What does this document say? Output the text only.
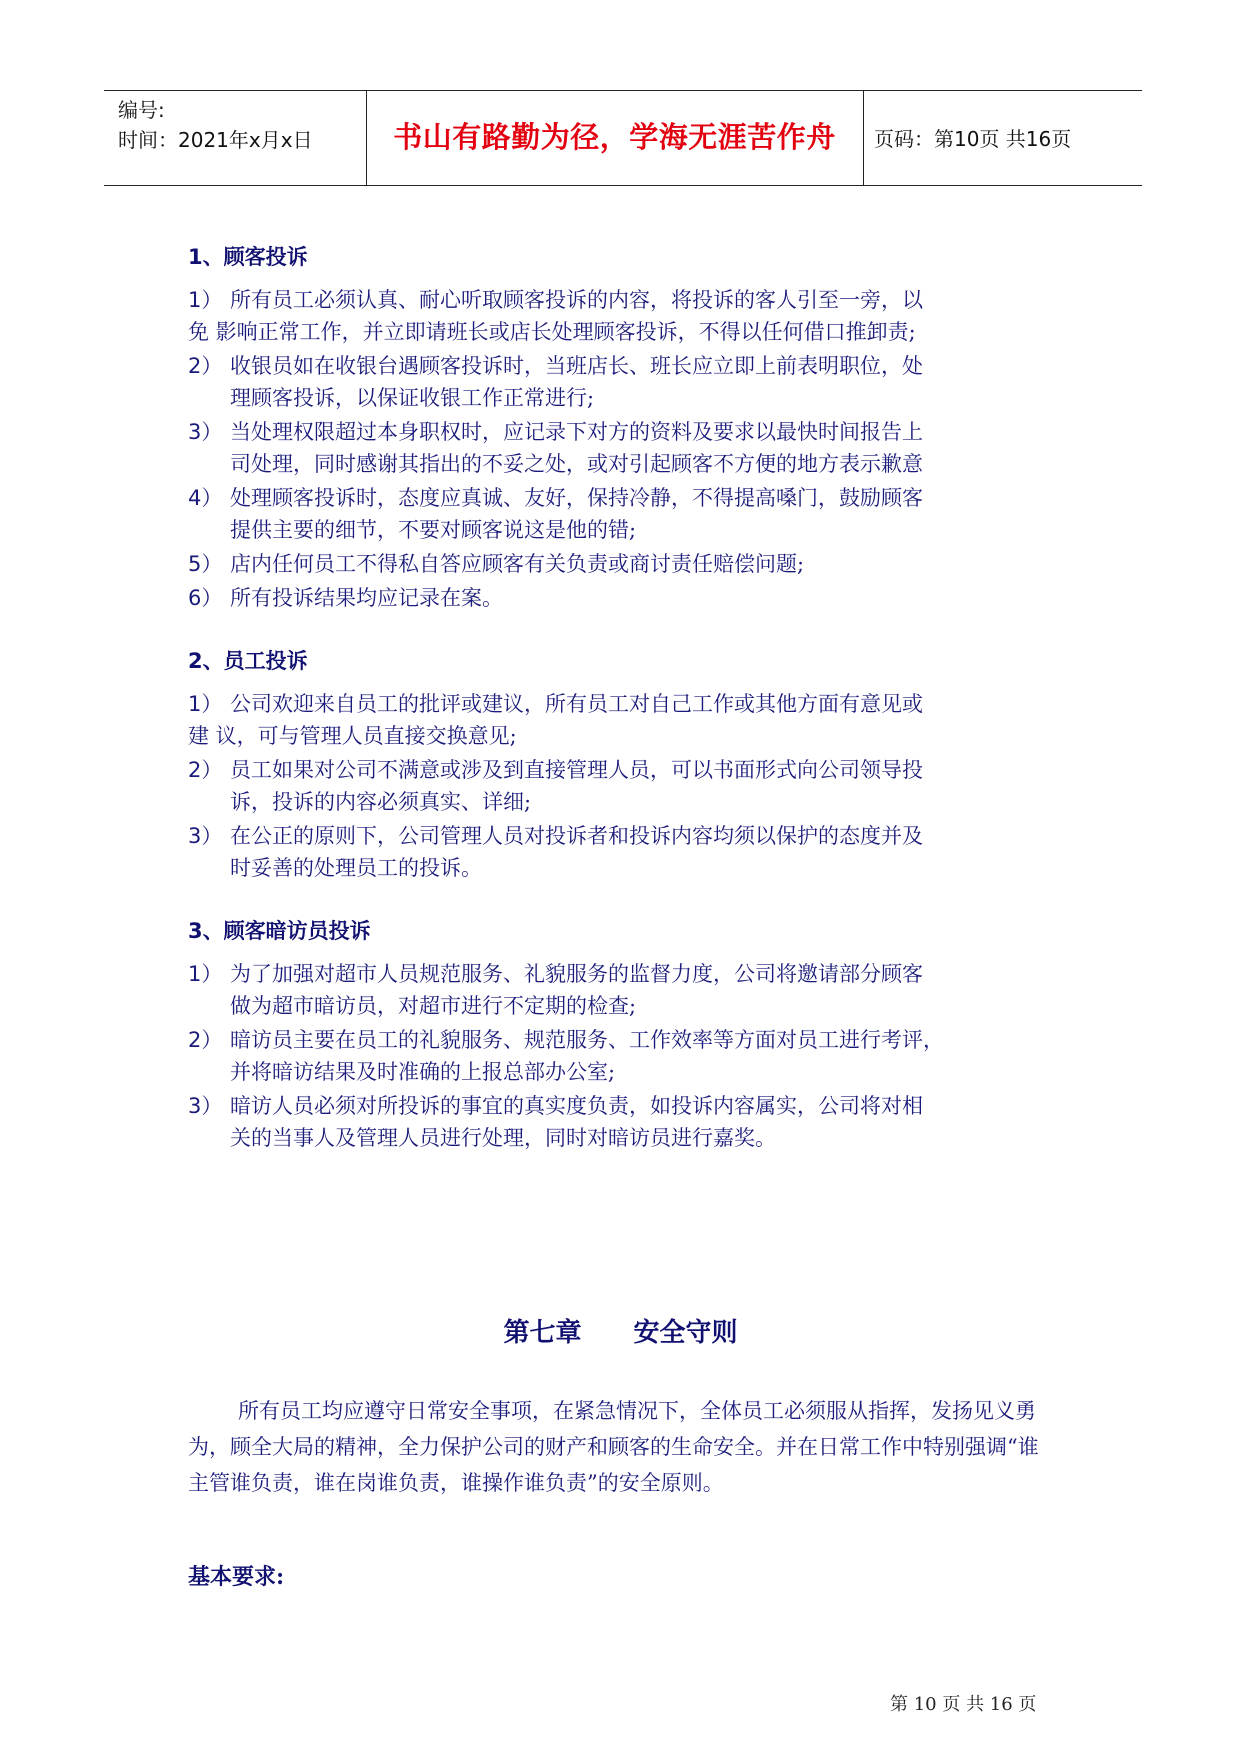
编号:
时间：2021年x月x日	书山有路勤为径，学海无涯苦作舟	页码：第10页 共16页
1、顾客投诉
1） 所有员工必须认真、耐心听取顾客投诉的内容，将投诉的客人引至一旁，以
免 影响正常工作，并立即请班长或店长处理顾客投诉，不得以任何借口推卸责;
2） 收银员如在收银台遇顾客投诉时，当班店长、班长应立即上前表明职位，处
理顾客投诉，以保证收银工作正常进行;
3） 当处理权限超过本身职权时，应记录下对方的资料及要求以最快时间报告上
司处理，同时感谢其指出的不妥之处，或对引起顾客不方便的地方表示歉意
4） 处理顾客投诉时，态度应真诚、友好，保持冷静，不得提高嗓门，鼓励顾客
提供主要的细节，不要对顾客说这是他的错;
5） 店内任何员工不得私自答应顾客有关负责或商讨责任赔偿问题;
6） 所有投诉结果均应记录在案。
2、员工投诉
1） 公司欢迎来自员工的批评或建议，所有员工对自己工作或其他方面有意见或
建 议，可与管理人员直接交换意见;
2） 员工如果对公司不满意或涉及到直接管理人员，可以书面形式向公司领导投
诉，投诉的内容必须真实、详细;
3） 在公正的原则下，公司管理人员对投诉者和投诉内容均须以保护的态度并及
时妥善的处理员工的投诉。
3、顾客暗访员投诉
1） 为了加强对超市人员规范服务、礼貌服务的监督力度，公司将邀请部分顾客
做为超市暗访员，对超市进行不定期的检查;
2） 暗访员主要在员工的礼貌服务、规范服务、工作效率等方面对员工进行考评，
并将暗访结果及时准确的上报总部办公室;
3） 暗访人员必须对所投诉的事宜的真实度负责，如投诉内容属实，公司将对相
关的当事人及管理人员进行处理，同时对暗访员进行嘉奖。
第七章　　安全守则
所有员工均应遵守日常安全事项，在紧急情况下，全体员工必须服从指挥，发扬见义勇为，顾全大局的精神，全力保护公司的财产和顾客的生命安全。并在日常工作中特别强调“谁主管谁负责，谁在岗谁负责，谁操作谁负责”的安全原则。
基本要求:
第 10 页 共 16 页
